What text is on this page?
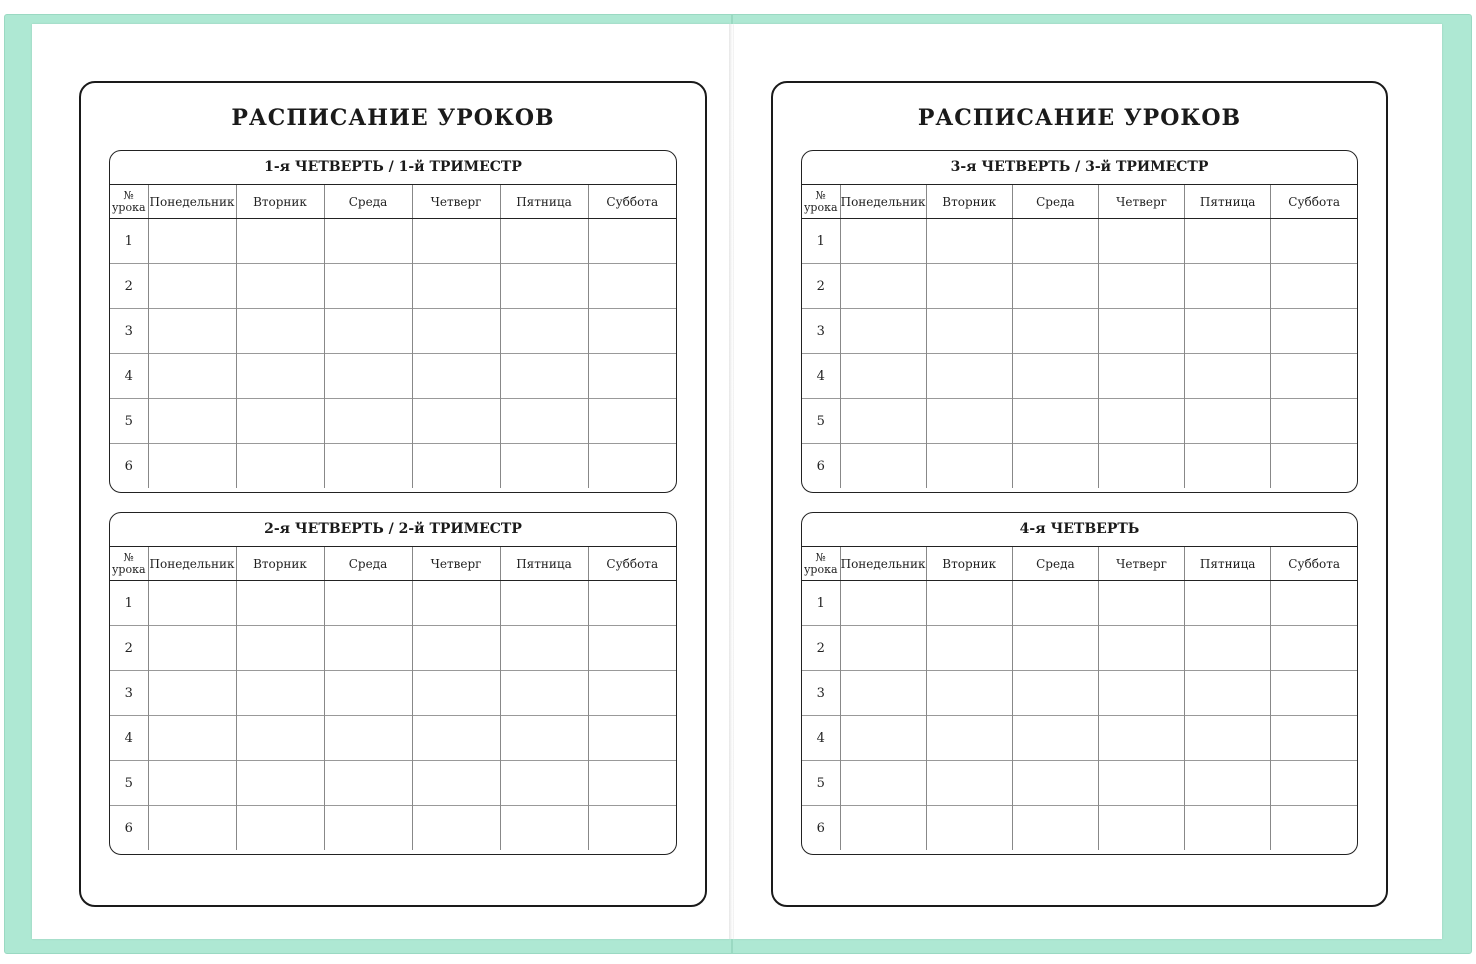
РАСПИСАНИЕ УРОКОВ
1-я ЧЕТВЕРТЬ / 1-й ТРИМЕСТР
№
урока	Понедельник	Вторник	Среда	Четверг	Пятница	Суббота
1						
2						
3						
4						
5						
6						
2-я ЧЕТВЕРТЬ / 2-й ТРИМЕСТР
№
урока	Понедельник	Вторник	Среда	Четверг	Пятница	Суббота
1						
2						
3						
4						
5						
6						
РАСПИСАНИЕ УРОКОВ
3-я ЧЕТВЕРТЬ / 3-й ТРИМЕСТР
№
урока	Понедельник	Вторник	Среда	Четверг	Пятница	Суббота
1						
2						
3						
4						
5						
6						
4-я ЧЕТВЕРТЬ
№
урока	Понедельник	Вторник	Среда	Четверг	Пятница	Суббота
1						
2						
3						
4						
5						
6						
